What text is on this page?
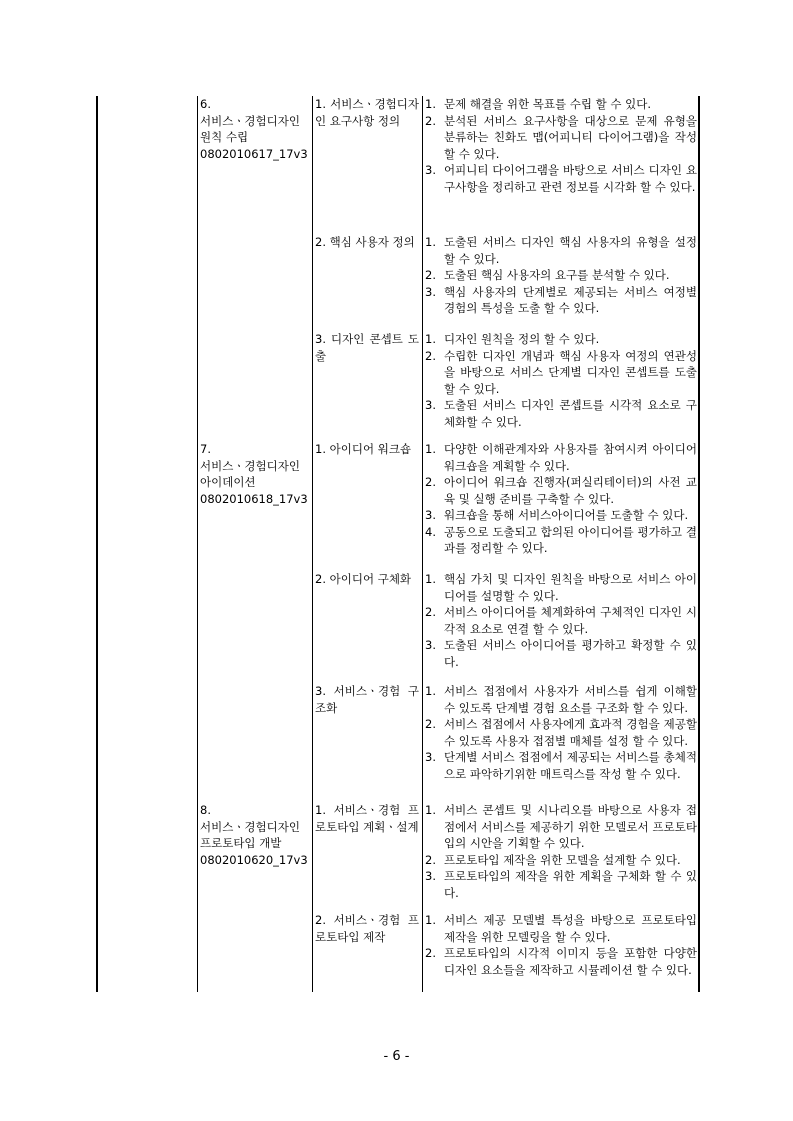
6.
서비스ㆍ경험디자인
원칙 수립
0802010617_17v3
1. 서비스ㆍ경험디자인 요구사항 정의
1. 문제 해결을 위한 목표를 수립 할 수 있다.
2. 분석된 서비스 요구사항을 대상으로 문제 유형을 분류하는 친화도 맵(어피니티 다이어그램)을 작성할 수 있다.
3. 어피니티 다이어그램을 바탕으로 서비스 디자인 요구사항을 정리하고 관련 정보를 시각화 할 수 있다.
2. 핵심 사용자 정의 1. 도출된 서비스 디자인 핵심 사용자의 유형을 설정할 수 있다.
2. 도출된 핵심 사용자의 요구를 분석할 수 있다.
3. 핵심 사용자의 단계별로 제공되는 서비스 여정별 경험의 특성을 도출 할 수 있다.
3. 디자인 콘셉트 도출
1. 디자인 원칙을 정의 할 수 있다.
2. 수립한 디자인 개념과 핵심 사용자 여정의 연관성을 바탕으로 서비스 단계별 디자인 콘셉트를 도출할 수 있다.
3. 도출된 서비스 디자인 콘셉트를 시각적 요소로 구체화할 수 있다.
7.
서비스ㆍ경험디자인
아이데이션
0802010618_17v3
1. 아이디어 워크숍	1. 다양한 이해관계자와 사용자를 참여시켜 아이디어 워크숍을 계획할 수 있다.
2. 아이디어 워크숍 진행자(퍼실리테이터)의 사전 교육 및 실행 준비를 구축할 수 있다.
3. 워크숍을 통해 서비스아이디어를 도출할 수 있다.
4. 공동으로 도출되고 합의된 아이디어를 평가하고 결과를 정리할 수 있다.
2. 아이디어 구체화	1. 핵심 가치 및 디자인 원칙을 바탕으로 서비스 아이디어를 설명할 수 있다.
2. 서비스 아이디어를 체계화하여 구체적인 디자인 시각적 요소로 연결 할 수 있다.
3. 도출된 서비스 아이디어를 평가하고 확정할 수 있다.
3. 서비스ㆍ경험 구조화
1. 서비스 접점에서 사용자가 서비스를 쉽게 이해할 수 있도록 단계별 경험 요소를 구조화 할 수 있다.
2. 서비스 접점에서 사용자에게 효과적 경험을 제공할 수 있도록 사용자 접점별 매체를 설정 할 수 있다.
3. 단계별 서비스 접점에서 제공되는 서비스를 총체적으로 파악하기위한 매트릭스를 작성 할 수 있다.
8.
서비스ㆍ경험디자인
프로토타입 개발
0802010620_17v3
1. 서비스ㆍ경험 프로토타입 계획ㆍ설계
1. 서비스 콘셉트 및 시나리오를 바탕으로 사용자 접점에서 서비스를 제공하기 위한 모델로서 프로토타입의 시안을 기획할 수 있다.
2. 프로토타입 제작을 위한 모델을 설계할 수 있다.
3. 프로토타입의 제작을 위한 계획을 구체화 할 수 있다.
2. 서비스ㆍ경험 프로토타입 제작
1. 서비스 제공 모델별 특성을 바탕으로 프로토타입 제작을 위한 모델링을 할 수 있다.
2. 프로토타입의 시각적 이미지 등을 포함한 다양한 디자인 요소들을 제작하고 시뮬레이션 할 수 있다.
- 6 -
